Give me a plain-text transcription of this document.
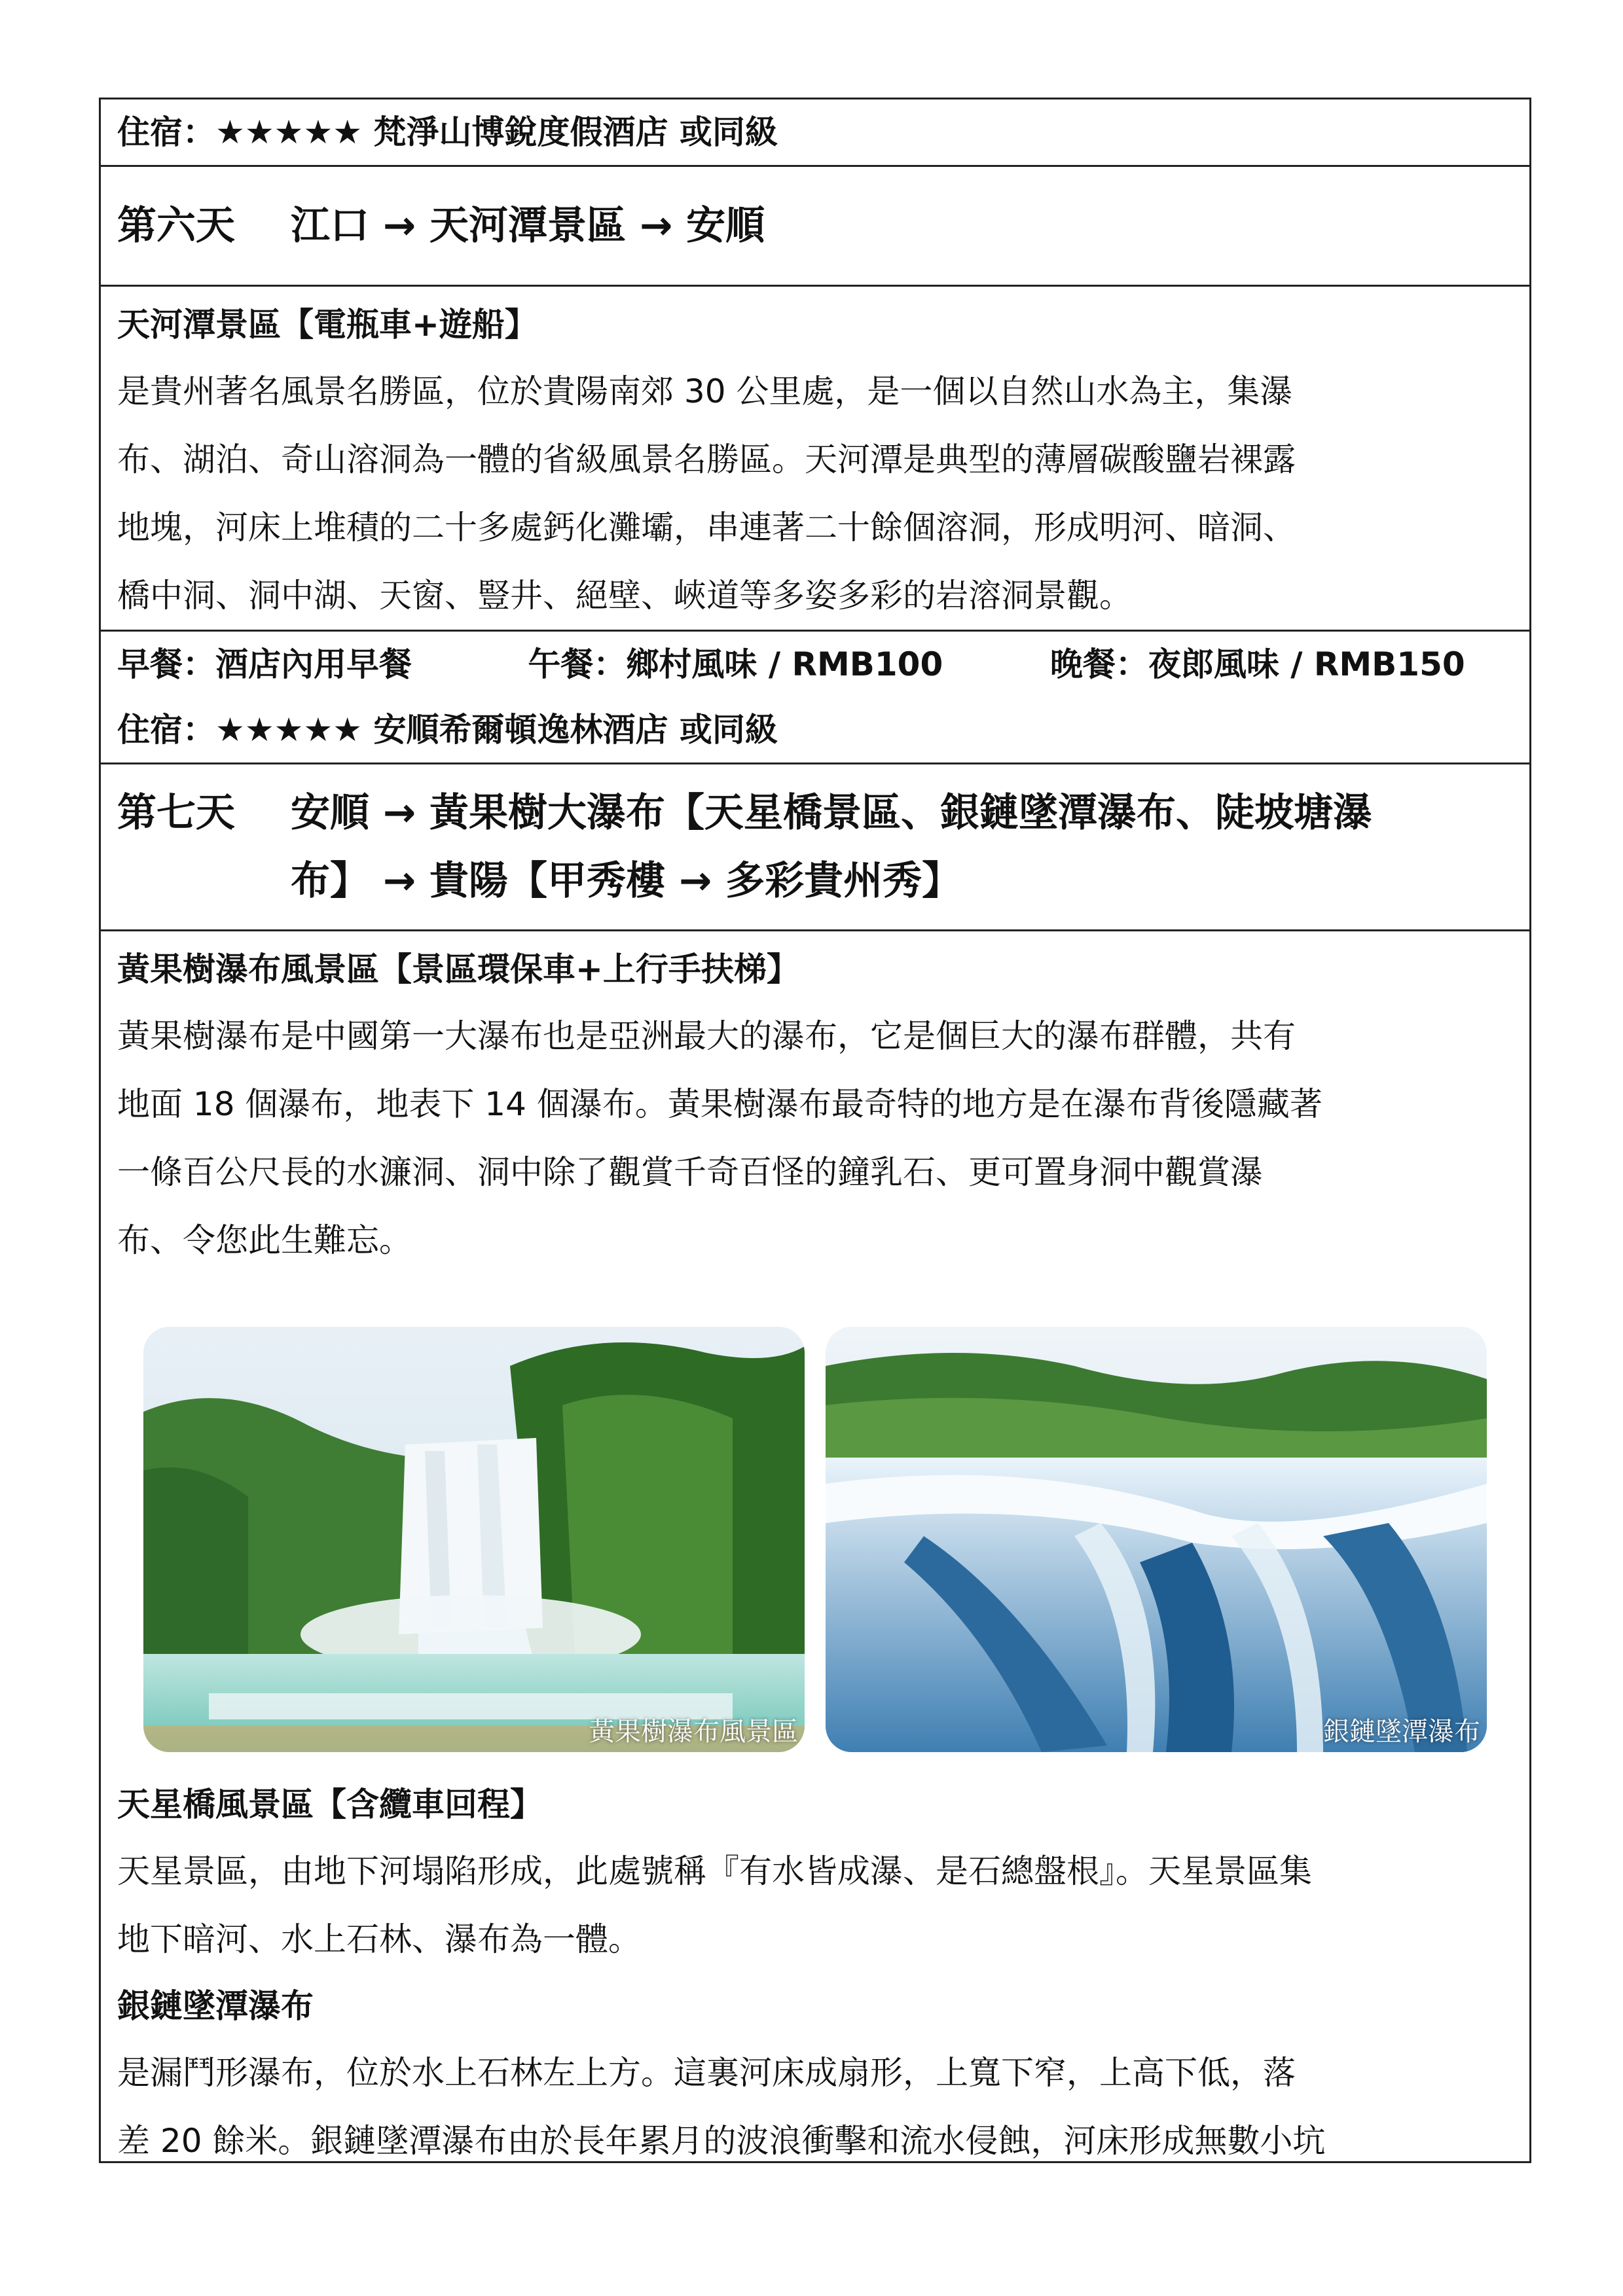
住宿：★★★★★ 梵淨山博銳度假酒店 或同級
第六天	江口 → 天河潭景區 → 安順
天河潭景區【電瓶車+遊船】
是貴州著名風景名勝區，位於貴陽南郊 30 公里處，是一個以自然山水為主，集瀑
布、湖泊、奇山溶洞為一體的省級風景名勝區。天河潭是典型的薄層碳酸鹽岩裸露
地塊，河床上堆積的二十多處鈣化灘壩，串連著二十餘個溶洞，形成明河、暗洞、
橋中洞、洞中湖、天窗、豎井、絕壁、峽道等多姿多彩的岩溶洞景觀。
早餐：酒店內用早餐	午餐：鄉村風味 / RMB100	晚餐：夜郎風味 / RMB150
住宿：★★★★★ 安順希爾頓逸林酒店 或同級
第七天	安順 → 黃果樹大瀑布【天星橋景區、銀鏈墜潭瀑布、陡坡塘瀑
布】 → 貴陽【甲秀樓 → 多彩貴州秀】
黃果樹瀑布風景區【景區環保車+上行手扶梯】
黃果樹瀑布是中國第一大瀑布也是亞洲最大的瀑布，它是個巨大的瀑布群體，共有
地面 18 個瀑布，地表下 14 個瀑布。黃果樹瀑布最奇特的地方是在瀑布背後隱藏著
一條百公尺長的水濂洞、洞中除了觀賞千奇百怪的鐘乳石、更可置身洞中觀賞瀑
布、令您此生難忘。
黃果樹瀑布風景區	銀鏈墜潭瀑布
天星橋風景區【含纜車回程】
天星景區，由地下河塌陷形成，此處號稱『有水皆成瀑、是石總盤根』。天星景區集
地下暗河、水上石林、瀑布為一體。
銀鏈墜潭瀑布
是漏鬥形瀑布，位於水上石林左上方。這裏河床成扇形，上寬下窄，上高下低，落
差 20 餘米。銀鏈墜潭瀑布由於長年累月的波浪衝擊和流水侵蝕，河床形成無數小坑
